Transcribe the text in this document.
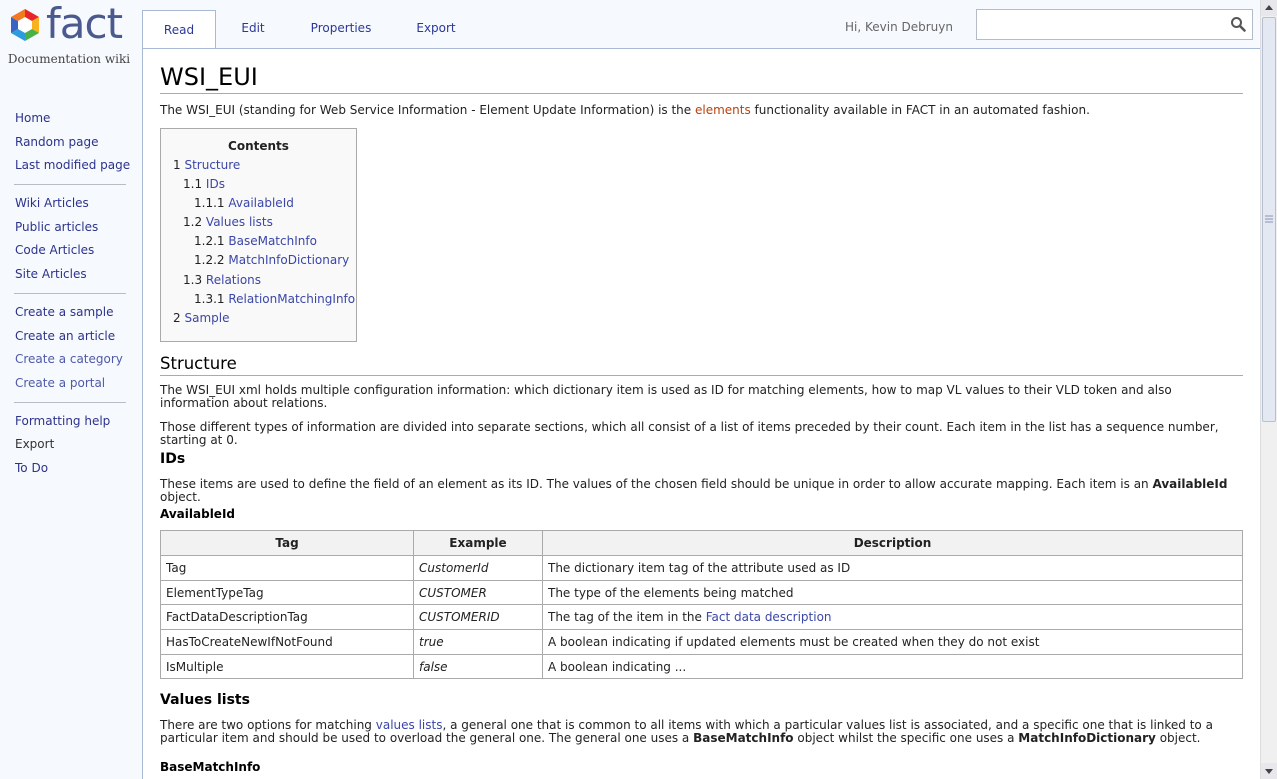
fact
Documentation wiki
Home
Random page
Last modified page
Wiki Articles
Public articles
Code Articles
Site Articles
Create a sample
Create an article
Create a category
Create a portal
Formatting help
Export
To Do
Read	Edit	Properties	Export	Hi, Kevin Debruyn
WSI_EUI
The WSI_EUI (standing for Web Service Information - Element Update Information) is the elements functionality available in FACT in an automated fashion.
Contents
1 Structure
1.1 IDs
1.1.1 AvailableId
1.2 Values lists
1.2.1 BaseMatchInfo
1.2.2 MatchInfoDictionary
1.3 Relations
1.3.1 RelationMatchingInfo
2 Sample
Structure
The WSI_EUI xml holds multiple configuration information: which dictionary item is used as ID for matching elements, how to map VL values to their VLD token and also information about relations.
Those different types of information are divided into separate sections, which all consist of a list of items preceded by their count. Each item in the list has a sequence number, starting at 0.
IDs
These items are used to define the field of an element as its ID. The values of the chosen field should be unique in order to allow accurate mapping. Each item is an AvailableId object.
AvailableId
Tag	Example	Description
Tag	CustomerId	The dictionary item tag of the attribute used as ID
ElementTypeTag	CUSTOMER	The type of the elements being matched
FactDataDescriptionTag	CUSTOMERID	The tag of the item in the Fact data description
HasToCreateNewIfNotFound	true	A boolean indicating if updated elements must be created when they do not exist
IsMultiple	false	A boolean indicating ...
Values lists
There are two options for matching values lists, a general one that is common to all items with which a particular values list is associated, and a specific one that is linked to a particular item and should be used to overload the general one. The general one uses a BaseMatchInfo object whilst the specific one uses a MatchInfoDictionary object.
BaseMatchInfo
